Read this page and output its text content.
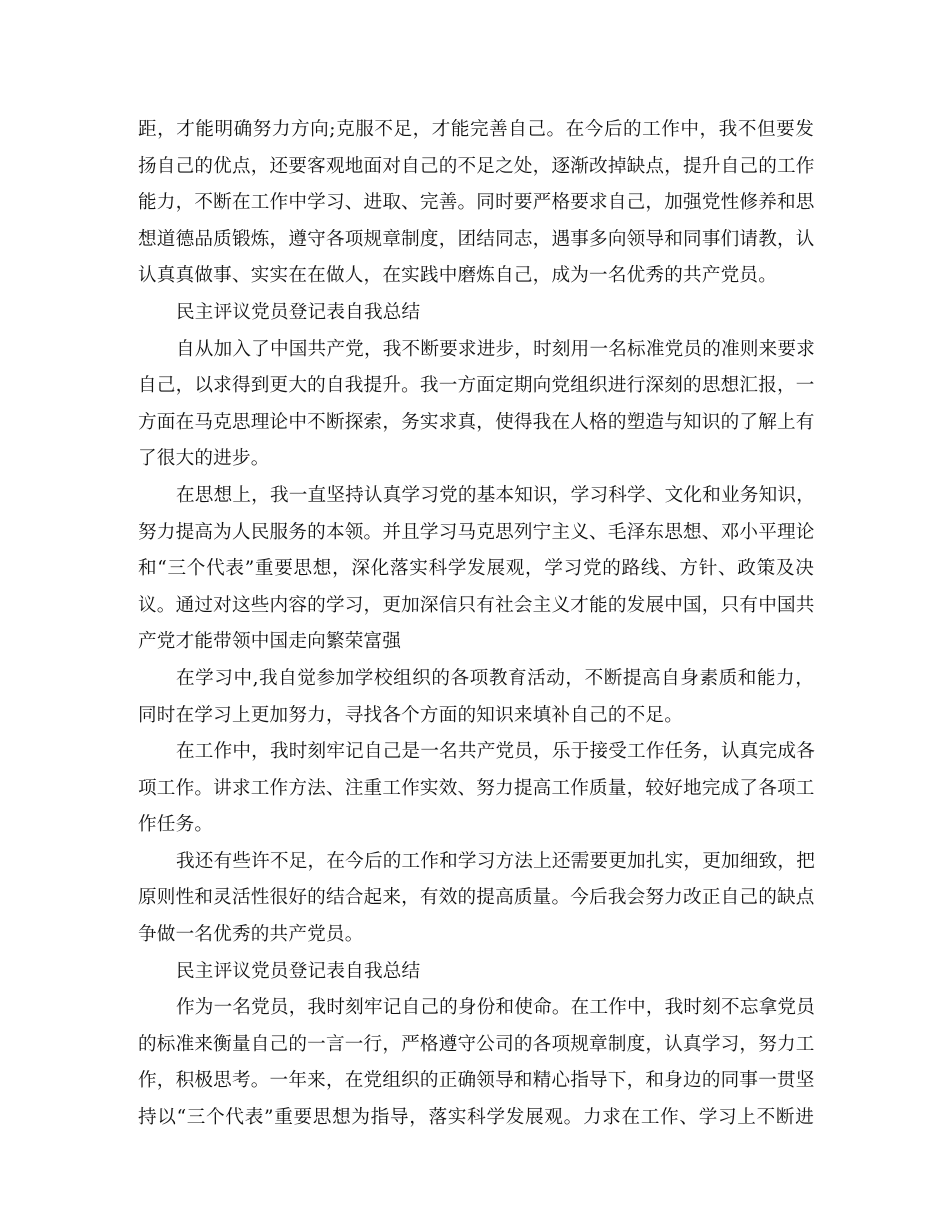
距，才能明确努力方向;克服不足，才能完善自己。在今后的工作中，我不但要发
扬自己的优点，还要客观地面对自己的不足之处，逐渐改掉缺点，提升自己的工作
能力，不断在工作中学习、进取、完善。同时要严格要求自己，加强党性修养和思
想道德品质锻炼，遵守各项规章制度，团结同志，遇事多向领导和同事们请教，认
认真真做事、实实在在做人，在实践中磨炼自己，成为一名优秀的共产党员。
民主评议党员登记表自我总结
自从加入了中国共产党，我不断要求进步，时刻用一名标准党员的准则来要求
自己，以求得到更大的自我提升。我一方面定期向党组织进行深刻的思想汇报，一
方面在马克思理论中不断探索，务实求真，使得我在人格的塑造与知识的了解上有
了很大的进步。
在思想上，我一直坚持认真学习党的基本知识，学习科学、文化和业务知识，
努力提高为人民服务的本领。并且学习马克思列宁主义、毛泽东思想、邓小平理论
和“三个代表”重要思想，深化落实科学发展观，学习党的路线、方针、政策及决
议。通过对这些内容的学习，更加深信只有社会主义才能的发展中国，只有中国共
产党才能带领中国走向繁荣富强
在学习中,我自觉参加学校组织的各项教育活动，不断提高自身素质和能力，
同时在学习上更加努力，寻找各个方面的知识来填补自己的不足。
在工作中，我时刻牢记自己是一名共产党员，乐于接受工作任务，认真完成各
项工作。讲求工作方法、注重工作实效、努力提高工作质量，较好地完成了各项工
作任务。
我还有些许不足，在今后的工作和学习方法上还需要更加扎实，更加细致，把
原则性和灵活性很好的结合起来，有效的提高质量。今后我会努力改正自己的缺点
争做一名优秀的共产党员。
民主评议党员登记表自我总结
作为一名党员，我时刻牢记自己的身份和使命。在工作中，我时刻不忘拿党员
的标准来衡量自己的一言一行，严格遵守公司的各项规章制度，认真学习，努力工
作，积极思考。一年来，在党组织的正确领导和精心指导下，和身边的同事一贯坚
持以“三个代表”重要思想为指导，落实科学发展观。力求在工作、学习上不断进
